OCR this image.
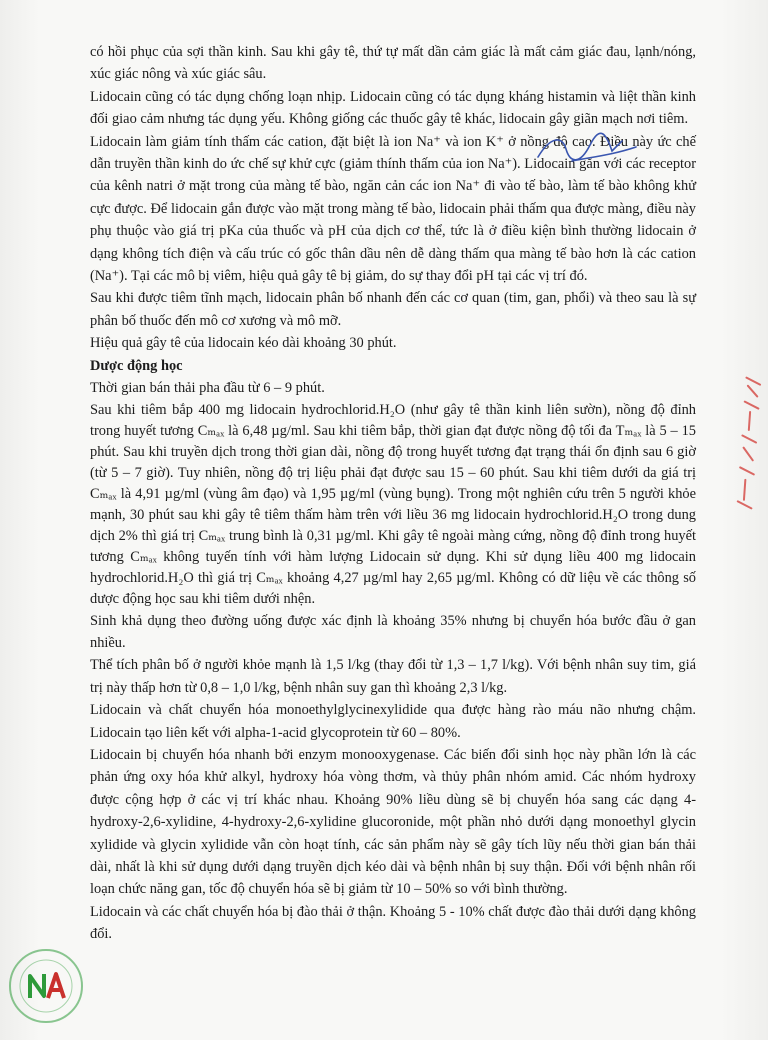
có hồi phục của sợi thần kinh. Sau khi gây tê, thứ tự mất dần cảm giác là mất cảm giác đau, lạnh/nóng, xúc giác nông và xúc giác sâu.

Lidocain cũng có tác dụng chống loạn nhịp. Lidocain cũng có tác dụng kháng histamin và liệt thần kinh đối giao cảm nhưng tác dụng yếu. Không giống các thuốc gây tê khác, lidocain gây giãn mạch nơi tiêm.

Lidocain làm giảm tính thấm các cation, đặt biệt là ion Na⁺ và ion K⁺ ở nồng độ cao. Điều này ức chế dẫn truyền thần kinh do ức chế sự khử cực (giảm thính thấm của ion Na⁺). Lidocain gắn với các receptor của kênh natri ở mặt trong của màng tế bào, ngăn cản các ion Na⁺ đi vào tế bào, làm tế bào không khử cực được. Để lidocain gắn được vào mặt trong màng tế bào, lidocain phải thấm qua được màng, điều này phụ thuộc vào giá trị pKa của thuốc và pH của dịch cơ thể, tức là ở điều kiện bình thường lidocain ở dạng không tích điện và cấu trúc có gốc thân dầu nên dễ dàng thấm qua màng tế bào hơn là các cation (Na⁺). Tại các mô bị viêm, hiệu quả gây tê bị giảm, do sự thay đổi pH tại các vị trí đó.

Sau khi được tiêm tĩnh mạch, lidocain phân bố nhanh đến các cơ quan (tim, gan, phổi) và theo sau là sự phân bố thuốc đến mô cơ xương và mô mỡ.

Hiệu quả gây tê của lidocain kéo dài khoảng 30 phút.

Dược động học

Thời gian bán thải pha đầu từ 6 – 9 phút.

Sau khi tiêm bắp 400 mg lidocain hydrochlorid.H₂O (như gây tê thần kinh liên sườn), nồng độ đỉnh trong huyết tương Cₘₐₓ là 6,48 µg/ml. Sau khi tiêm bắp, thời gian đạt được nồng độ tối đa Tₘₐₓ là 5 – 15 phút. Sau khi truyền dịch trong thời gian dài, nồng độ trong huyết tương đạt trạng thái ổn định sau 6 giờ (từ 5 – 7 giờ). Tuy nhiên, nồng độ trị liệu phải đạt được sau 15 – 60 phút. Sau khi tiêm dưới da giá trị Cₘₐₓ là 4,91 µg/ml (vùng âm đạo) và 1,95 µg/ml (vùng bụng). Trong một nghiên cứu trên 5 người khỏe mạnh, 30 phút sau khi gây tê tiêm thấm hàm trên với liều 36 mg lidocain hydrochlorid.H₂O trong dung dịch 2% thì giá trị Cₘₐₓ trung bình là 0,31 µg/ml. Khi gây tê ngoài màng cứng, nồng độ đỉnh trong huyết tương Cₘₐₓ không tuyến tính với hàm lượng Lidocain sử dụng. Khi sử dụng liều 400 mg lidocain hydrochlorid.H₂O thì giá trị Cₘₐₓ khoảng 4,27 µg/ml hay 2,65 µg/ml. Không có dữ liệu về các thông số dược động học sau khi tiêm dưới nhện.

Sinh khả dụng theo đường uống được xác định là khoảng 35% nhưng bị chuyển hóa bước đầu ở gan nhiều.

Thể tích phân bố ở người khỏe mạnh là 1,5 l/kg (thay đổi từ 1,3 – 1,7 l/kg). Với bệnh nhân suy tim, giá trị này thấp hơn từ 0,8 – 1,0 l/kg, bệnh nhân suy gan thì khoảng 2,3 l/kg.

Lidocain và chất chuyển hóa monoethylglycinexylidide qua được hàng rào máu não nhưng chậm. Lidocain tạo liên kết với alpha-1-acid glycoprotein từ 60 – 80%.

Lidocain bị chuyển hóa nhanh bởi enzym monooxygenase. Các biến đổi sinh học này phần lớn là các phản ứng oxy hóa khử alkyl, hydroxy hóa vòng thơm, và thủy phân nhóm amid. Các nhóm hydroxy được cộng hợp ở các vị trí khác nhau. Khoảng 90% liều dùng sẽ bị chuyển hóa sang các dạng 4-hydroxy-2,6-xylidine, 4-hydroxy-2,6-xylidine glucoronide, một phần nhỏ dưới dạng monoethyl glycin xylidide và glycin xylidide vẫn còn hoạt tính, các sản phẩm này sẽ gây tích lũy nếu thời gian bán thải dài, nhất là khi sử dụng dưới dạng truyền dịch kéo dài và bệnh nhân bị suy thận. Đối với bệnh nhân rối loạn chức năng gan, tốc độ chuyển hóa sẽ bị giảm từ 10 – 50% so với bình thường.

Lidocain và các chất chuyển hóa bị đào thải ở thận. Khoảng 5 - 10% chất được đào thải dưới dạng không đổi.
